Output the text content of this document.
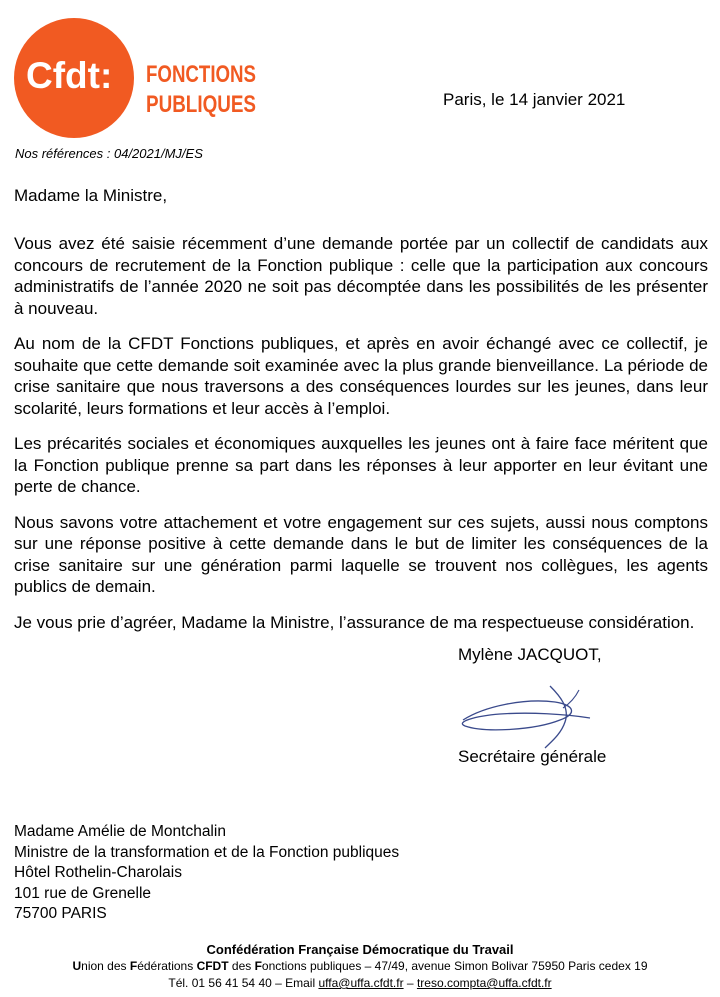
Cfdt: FONCTIONS
PUBLIQUES	Paris, le 14 janvier 2021
Nos références : 04/2021/MJ/ES
Madame la Ministre,

Vous avez été saisie récemment d’une demande portée par un collectif de candidats aux concours de recrutement de la Fonction publique : celle que la participation aux concours administratifs de l’année 2020 ne soit pas décomptée dans les possibilités de les présenter à nouveau.

Au nom de la CFDT Fonctions publiques, et après en avoir échangé avec ce collectif, je souhaite que cette demande soit examinée avec la plus grande bienveillance. La période de crise sanitaire que nous traversons a des conséquences lourdes sur les jeunes, dans leur scolarité, leurs formations et leur accès à l’emploi.

Les précarités sociales et économiques auxquelles les jeunes ont à faire face méritent que la Fonction publique prenne sa part dans les réponses à leur apporter en leur évitant une perte de chance.

Nous savons votre attachement et votre engagement sur ces sujets, aussi nous comptons sur une réponse positive à cette demande dans le but de limiter les conséquences de la crise sanitaire sur une génération parmi laquelle se trouvent nos collègues, les agents publics de demain.

Je vous prie d’agréer, Madame la Ministre, l’assurance de ma respectueuse considération.

Mylène JACQUOT,
Secrétaire générale
Madame Amélie de Montchalin
Ministre de la transformation et de la Fonction publiques
Hôtel Rothelin-Charolais
101 rue de Grenelle
75700 PARIS
Confédération Française Démocratique du Travail
Union des Fédérations CFDT des Fonctions publiques – 47/49, avenue Simon Bolivar 75950 Paris cedex 19
Tél. 01 56 41 54 40 – Email uffa@uffa.cfdt.fr – treso.compta@uffa.cfdt.fr
